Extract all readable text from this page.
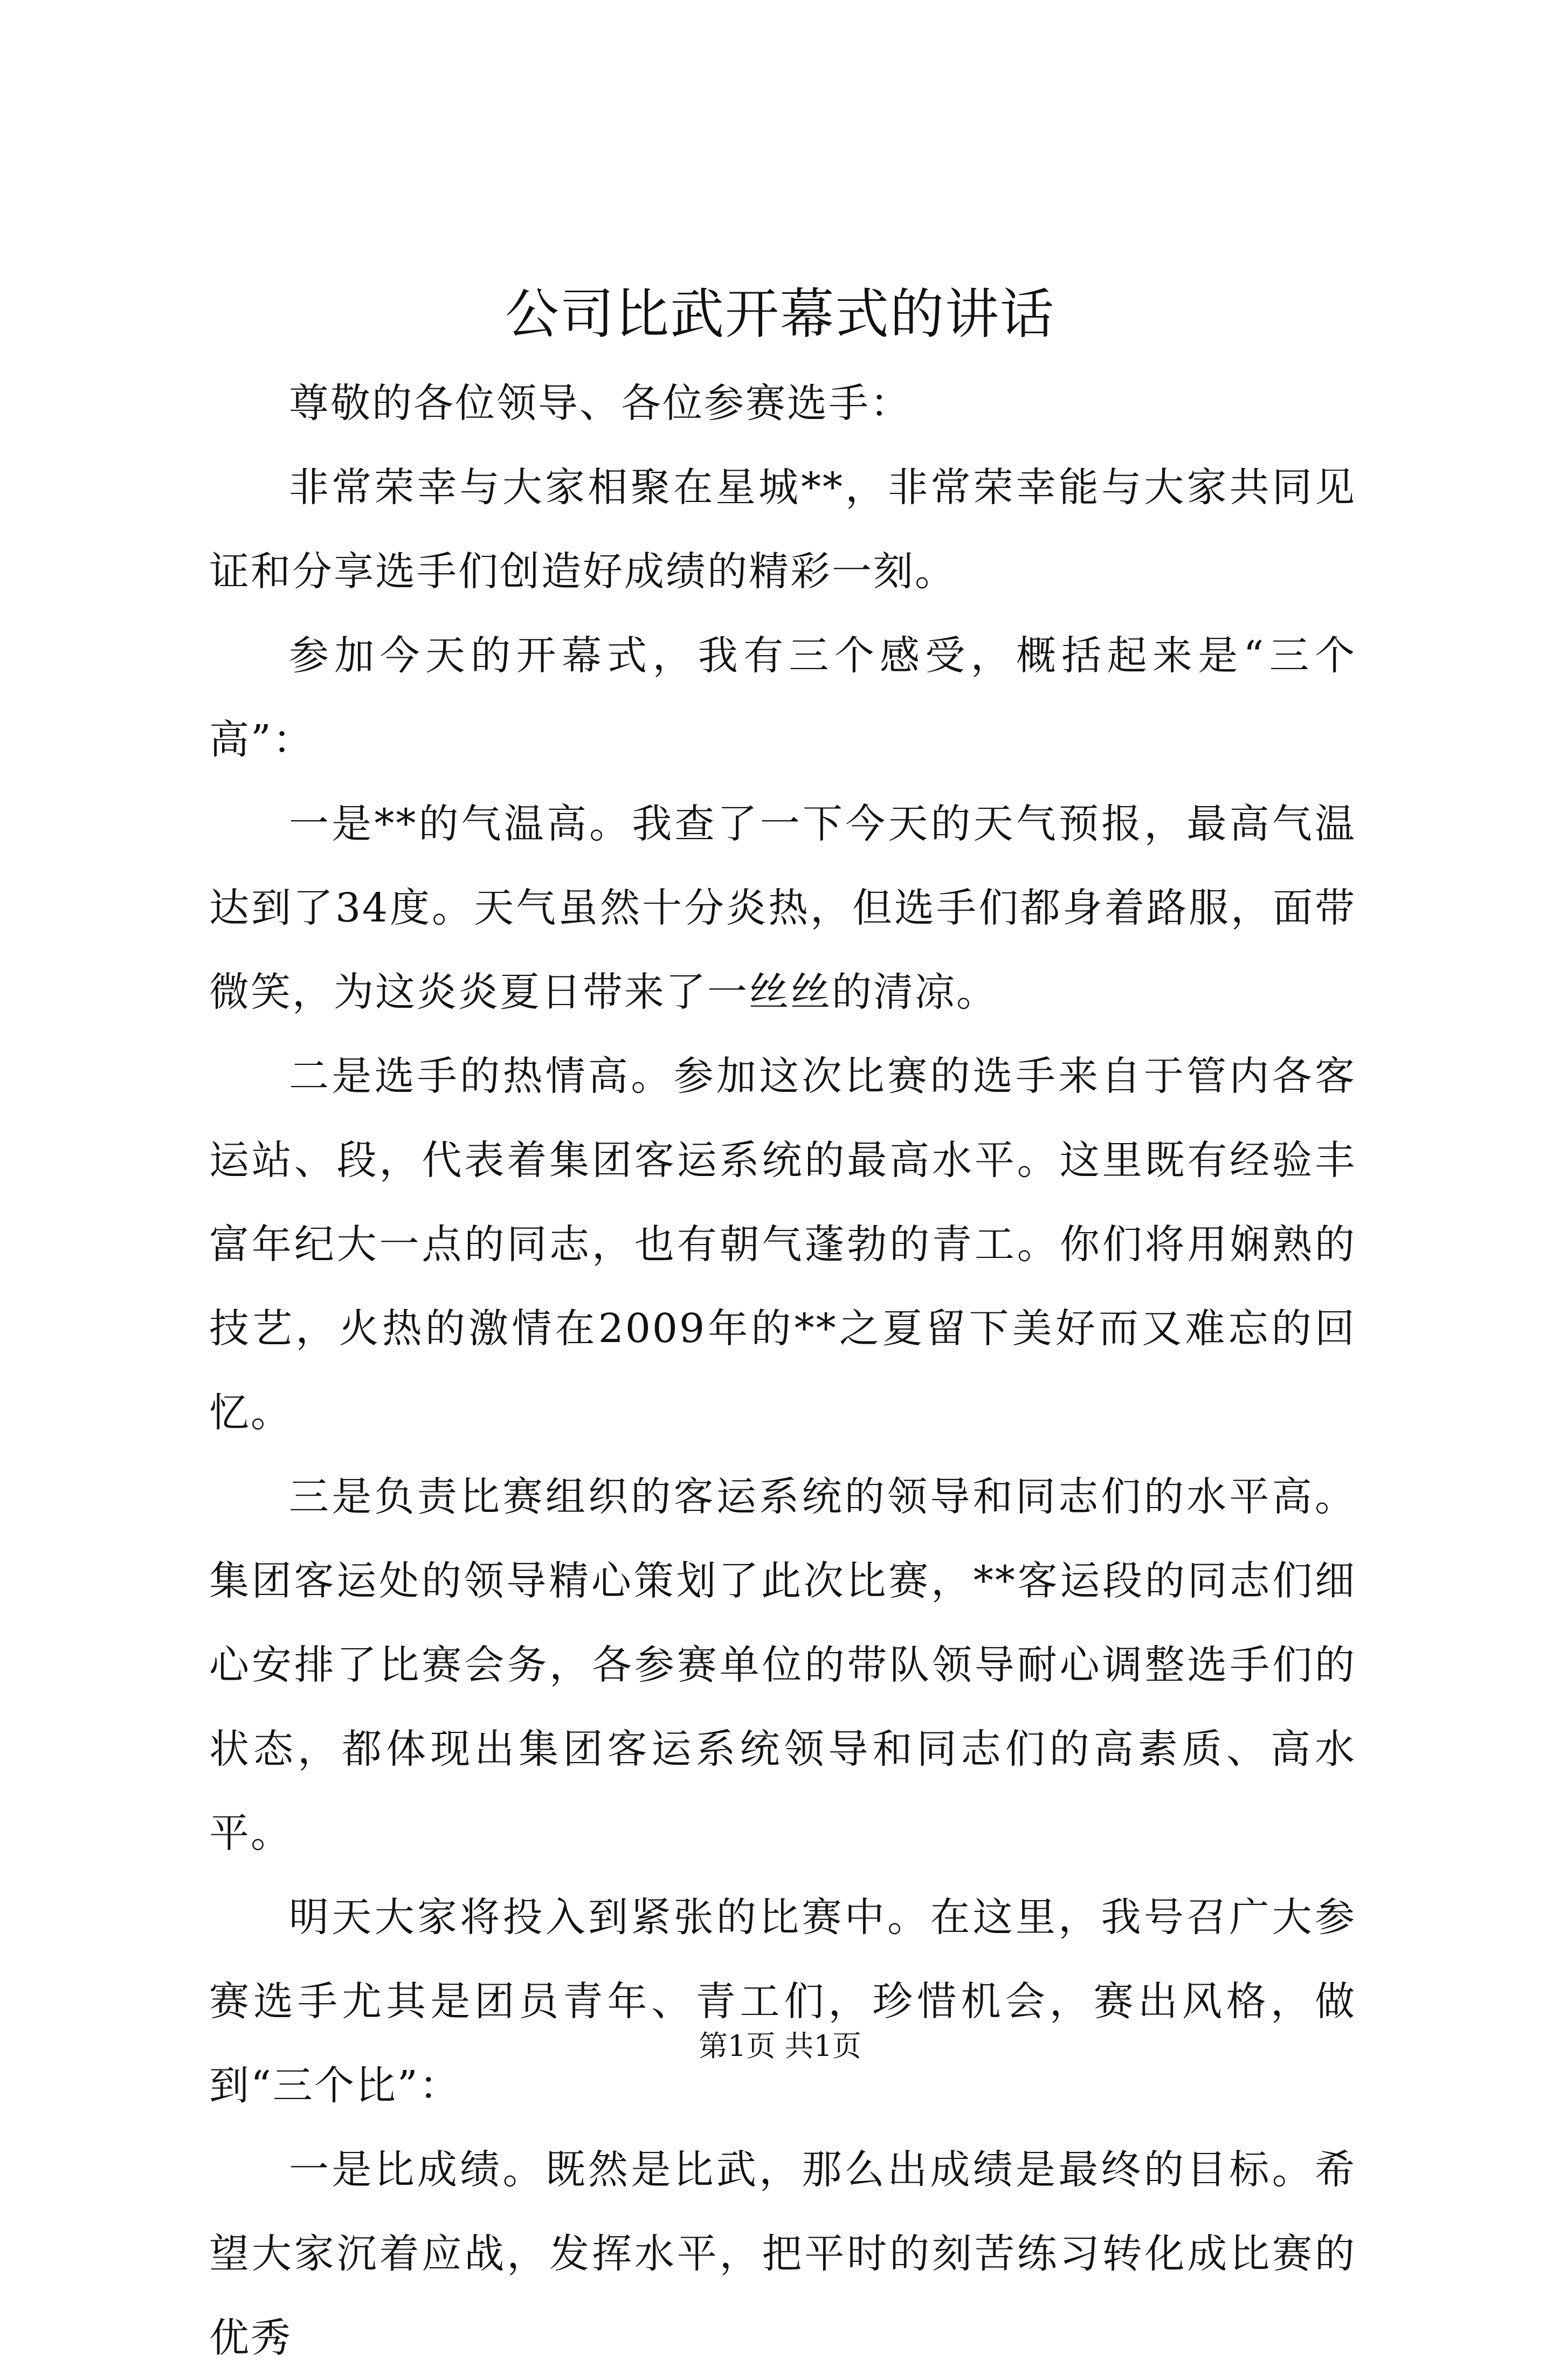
公司比武开幕式的讲话

尊敬的各位领导、各位参赛选手：

非常荣幸与大家相聚在星城**，非常荣幸能与大家共同见证和分享选手们创造好成绩的精彩一刻。

参加今天的开幕式，我有三个感受，概括起来是“三个高”：

一是**的气温高。我查了一下今天的天气预报，最高气温达到了34度。天气虽然十分炎热，但选手们都身着路服，面带微笑，为这炎炎夏日带来了一丝丝的清凉。

二是选手的热情高。参加这次比赛的选手来自于管内各客运站、段，代表着集团客运系统的最高水平。这里既有经验丰富年纪大一点的同志，也有朝气蓬勃的青工。你们将用娴熟的技艺，火热的激情在2009年的**之夏留下美好而又难忘的回忆。

三是负责比赛组织的客运系统的领导和同志们的水平高。集团客运处的领导精心策划了此次比赛，**客运段的同志们细心安排了比赛会务，各参赛单位的带队领导耐心调整选手们的状态，都体现出集团客运系统领导和同志们的高素质、高水平。

明天大家将投入到紧张的比赛中。在这里，我号召广大参赛选手尤其是团员青年、青工们，珍惜机会，赛出风格，做到“三个比”：

一是比成绩。既然是比武，那么出成绩是最终的目标。希望大家沉着应战，发挥水平，把平时的刻苦练习转化成比赛的优秀

第1页 共1页
